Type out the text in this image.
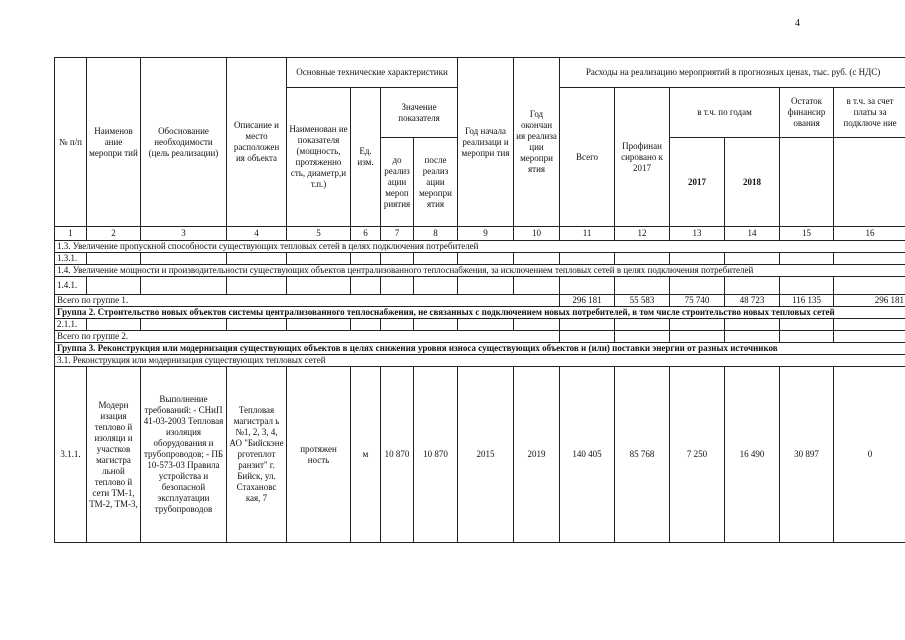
4
№ п/п	Наименов ание меропри тий	Обоснование необходимости (цель реализации)	Описание и место расположен ия объекта	Основные технические характеристики				Год начала реализаци и меропри тия	Год окончан ия реализа ции меропри ятия	Расходы на реализацию мероприятий в прогнозных ценах, тыс. руб. (с НДС)					
				Наименован ие показателя (мощность, протяженно сть, диаметр,и т.п.)	Ед. изм.	Значение показателя				Всего	Профинан сировано к 2017	в т.ч. по годам		Остаток финансир ования	в т.ч. за счет платы за подключе ние

						до реализ ации мероп риятия	после реализ ации меропри ятия					2017	2018		
1	2	3	4	5	6	7	8	9	10	11	12	13	14	15	16
1.3. Увеличение пропускной способности существующих тепловых сетей в целях подключения потребителей															
1.3.1.															
1.4. Увеличение мощности и производительности существующих объектов централизованного теплоснабжения, за исключением тепловых сетей в целях подключения потребителей															
1.4.1.															
Всего по группе 1.										296 181	55 583	75 740	48 723	116 135	296 181
Группа 2. Строительство новых объектов системы централизованного теплоснабжения, не связанных с подключением новых потребителей, в том числе строительство новых тепловых сетей															
2.1.1.															
Всего по группе 2.															
Группа 3. Реконструкция или модернизация существующих объектов в целях снижения уровня износа существующих объектов и (или) поставки энергии от разных источников															
3.1. Реконструкция или модернизация существующих тепловых сетей															
3.1.1.	Модерн изация теплово й изоляци и участков магистра льной теплово й сети ТМ-1, ТМ-2, ТМ-3,	Выполнение требований: - СНиП 41-03-2003 Тепловая изоляция оборудования и трубопроводов; - ПБ 10-573-03 Правила устройства и безопасной эксплуатации трубопроводов	Тепловая магистрал ь №1, 2, 3, 4, АО "Бийскэне рготеплот ранзит" г. Бийск, ул. Стахановс кая, 7	протяжен ность	м	10 870	10 870	2015	2019	140 405	85 768	7 250	16 490	30 897	0
